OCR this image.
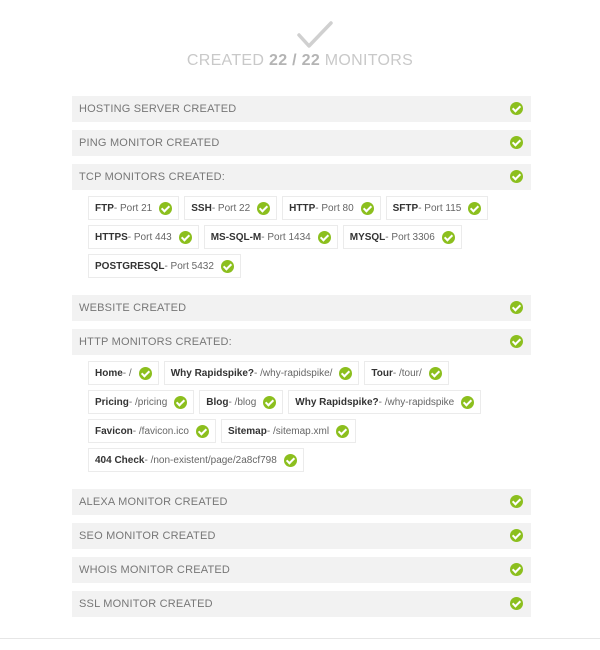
CREATED 22 / 22 MONITORS
HOSTING SERVER CREATED
PING MONITOR CREATED
TCP MONITORS CREATED:
FTP - Port 21	SSH - Port 22	HTTP - Port 80	SFTP - Port 115
HTTPS - Port 443	MS-SQL-M - Port 1434	MYSQL - Port 3306
POSTGRESQL - Port 5432
WEBSITE CREATED
HTTP MONITORS CREATED:
Home - /	Why Rapidspike? - /why-rapidspike/	Tour - /tour/
Pricing - /pricing	Blog - /blog	Why Rapidspike? - /why-rapidspike
Favicon - /favicon.ico	Sitemap - /sitemap.xml
404 Check - /non-existent/page/2a8cf798
ALEXA MONITOR CREATED
SEO MONITOR CREATED
WHOIS MONITOR CREATED
SSL MONITOR CREATED
